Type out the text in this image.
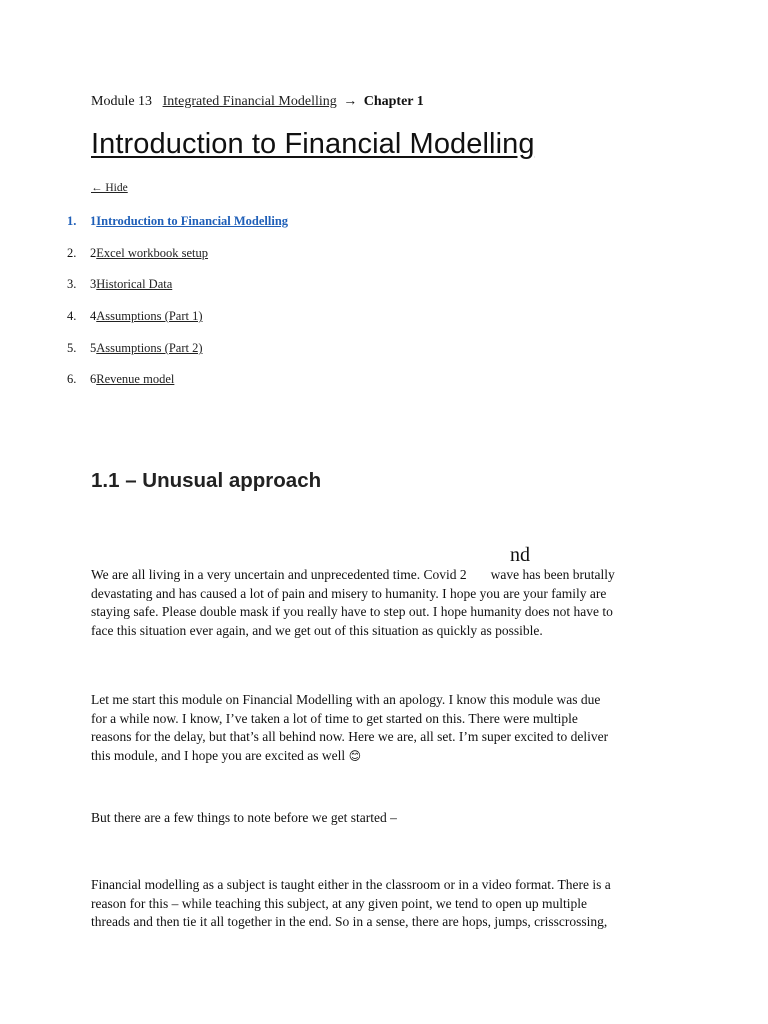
Module 13 Integrated Financial Modelling → Chapter 1
Introduction to Financial Modelling
← Hide
1. 1Introduction to Financial Modelling
2. 2Excel workbook setup
3. 3Historical Data
4. 4Assumptions (Part 1)
5. 5Assumptions (Part 2)
6. 6Revenue model
1.1 – Unusual approach
nd

We are all living in a very uncertain and unprecedented time. Covid 2 wave has been brutally
devastating and has caused a lot of pain and misery to humanity. I hope you are your family are
staying safe. Please double mask if you really have to step out. I hope humanity does not have to
face this situation ever again, and we get out of this situation as quickly as possible.

Let me start this module on Financial Modelling with an apology. I know this module was due
for a while now. I know, I’ve taken a lot of time to get started on this. There were multiple
reasons for the delay, but that’s all behind now. Here we are, all set. I’m super excited to deliver
this module, and I hope you are excited as well 😊

But there are a few things to note before we get started –

Financial modelling as a subject is taught either in the classroom or in a video format. There is a
reason for this – while teaching this subject, at any given point, we tend to open up multiple
threads and then tie it all together in the end. So in a sense, there are hops, jumps, crisscrossing,
